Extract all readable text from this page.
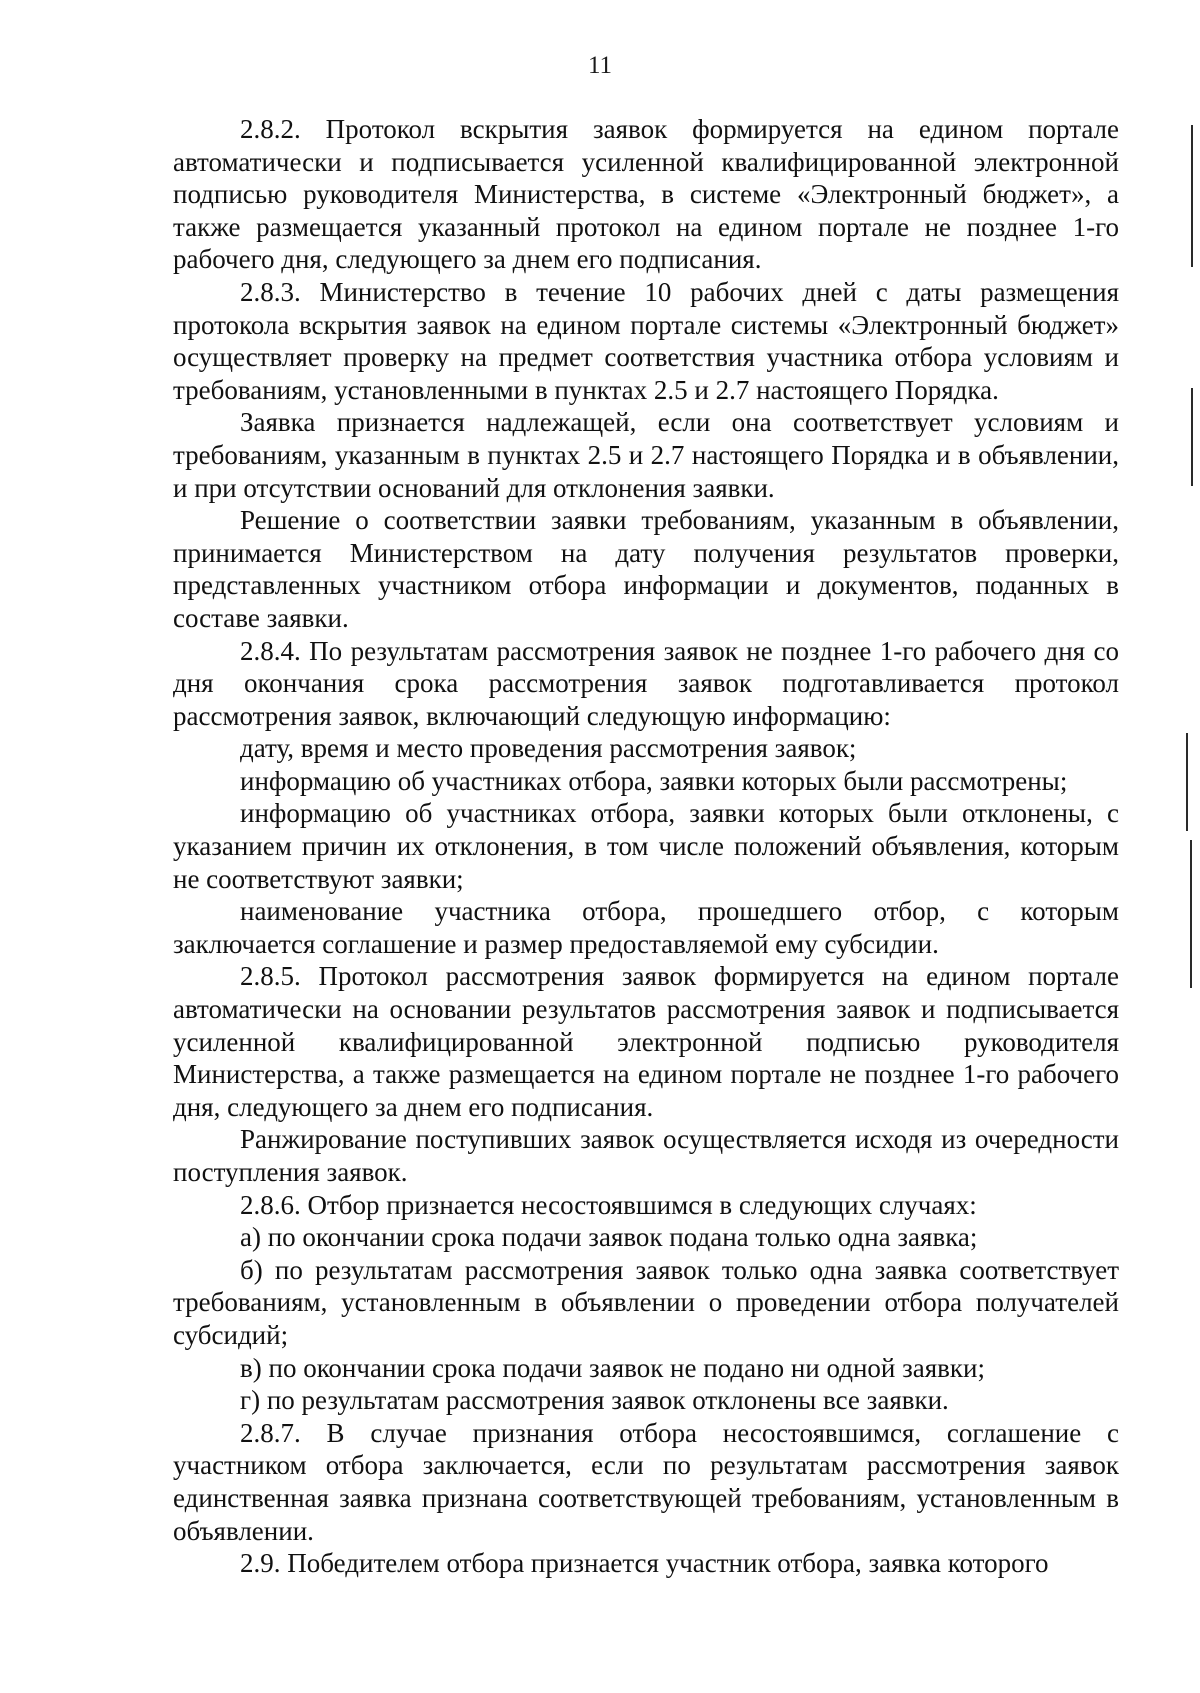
11

2.8.2. Протокол вскрытия заявок формируется на едином портале автоматически и подписывается усиленной квалифицированной электронной подписью руководителя Министерства, в системе «Электронный бюджет», а также размещается указанный протокол на едином портале не позднее 1-го рабочего дня, следующего за днем его подписания.

2.8.3. Министерство в течение 10 рабочих дней с даты размещения протокола вскрытия заявок на едином портале системы «Электронный бюджет» осуществляет проверку на предмет соответствия участника отбора условиям и требованиям, установленными в пунктах 2.5 и 2.7 настоящего Порядка.

Заявка признается надлежащей, если она соответствует условиям и требованиям, указанным в пунктах 2.5 и 2.7 настоящего Порядка и в объявлении, и при отсутствии оснований для отклонения заявки.

Решение о соответствии заявки требованиям, указанным в объявлении, принимается Министерством на дату получения результатов проверки, представленных участником отбора информации и документов, поданных в составе заявки.

2.8.4. По результатам рассмотрения заявок не позднее 1-го рабочего дня со дня окончания срока рассмотрения заявок подготавливается протокол рассмотрения заявок, включающий следующую информацию:

дату, время и место проведения рассмотрения заявок;

информацию об участниках отбора, заявки которых были рассмотрены;

информацию об участниках отбора, заявки которых были отклонены, с указанием причин их отклонения, в том числе положений объявления, которым не соответствуют заявки;

наименование участника отбора, прошедшего отбор, с которым заключается соглашение и размер предоставляемой ему субсидии.

2.8.5. Протокол рассмотрения заявок формируется на едином портале автоматически на основании результатов рассмотрения заявок и подписывается усиленной квалифицированной электронной подписью руководителя Министерства, а также размещается на едином портале не позднее 1-го рабочего дня, следующего за днем его подписания.

Ранжирование поступивших заявок осуществляется исходя из очередности поступления заявок.

2.8.6. Отбор признается несостоявшимся в следующих случаях:

а) по окончании срока подачи заявок подана только одна заявка;

б) по результатам рассмотрения заявок только одна заявка соответствует требованиям, установленным в объявлении о проведении отбора получателей субсидий;

в) по окончании срока подачи заявок не подано ни одной заявки;

г) по результатам рассмотрения заявок отклонены все заявки.

2.8.7. В случае признания отбора несостоявшимся, соглашение с участником отбора заключается, если по результатам рассмотрения заявок единственная заявка признана соответствующей требованиям, установленным в объявлении.

2.9. Победителем отбора признается участник отбора, заявка которого
